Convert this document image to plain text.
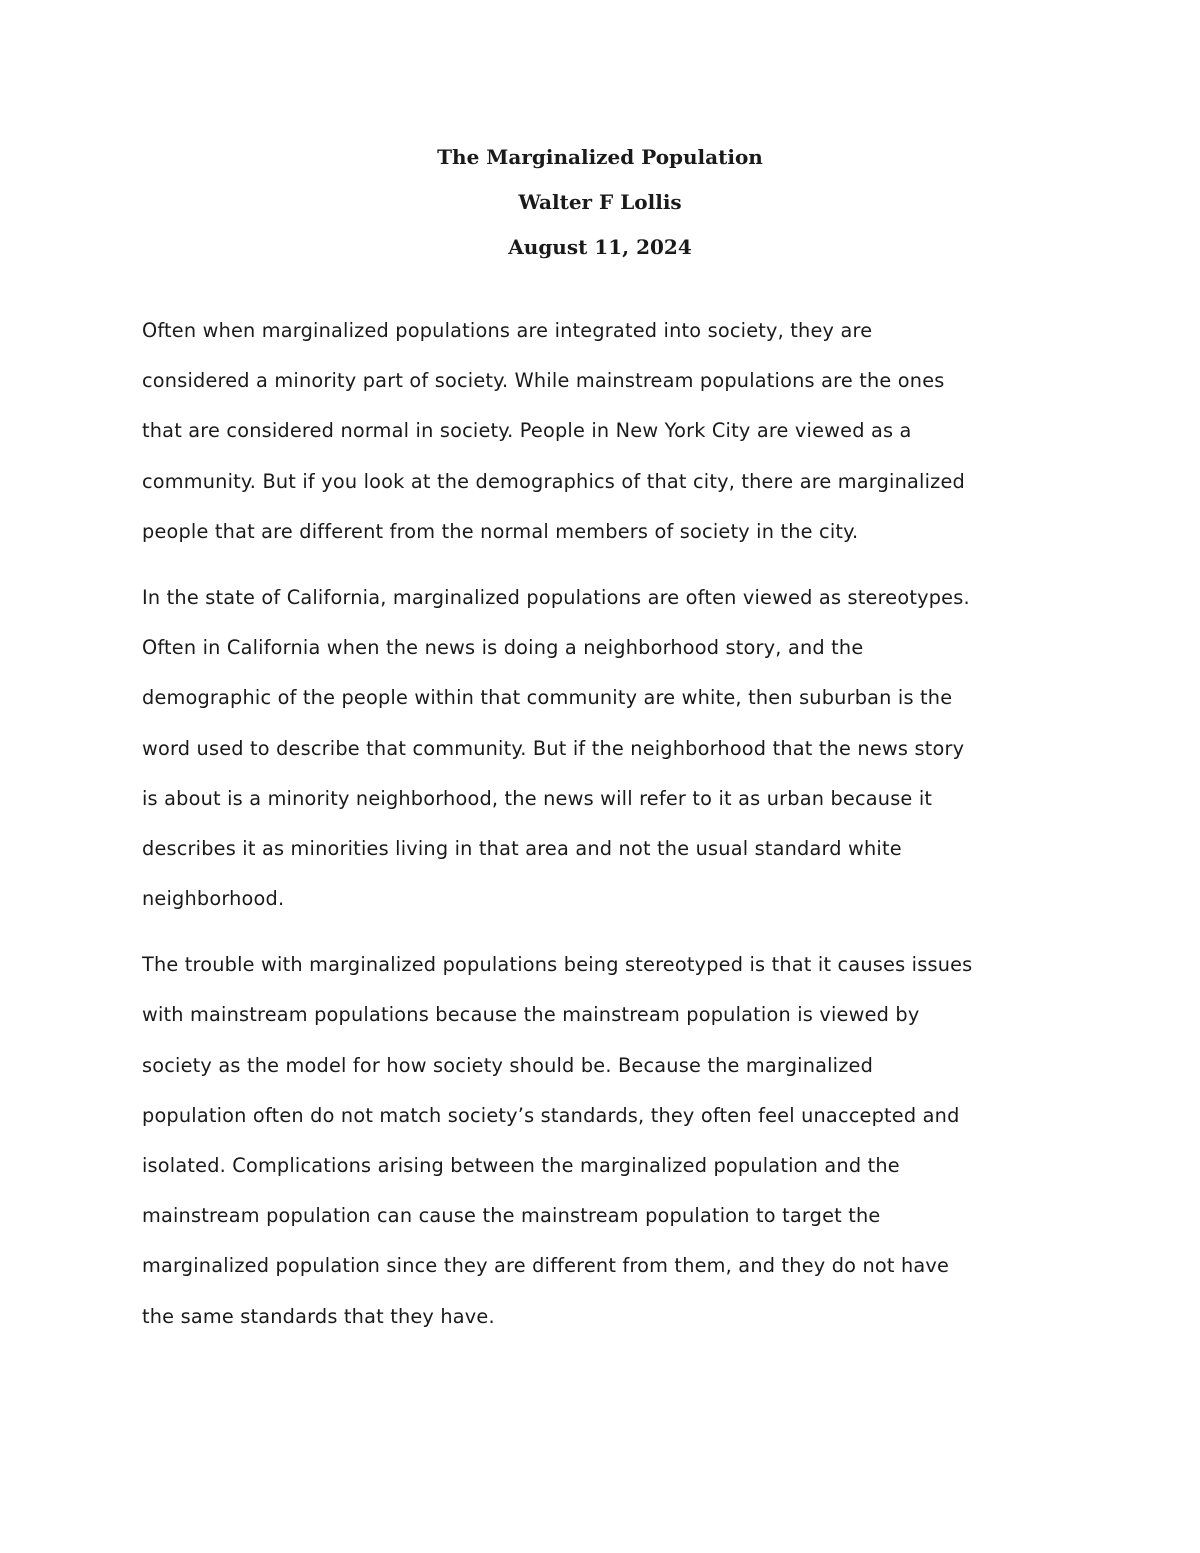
The Marginalized Population
Walter F Lollis
August 11, 2024
Often when marginalized populations are integrated into society, they are
considered a minority part of society. While mainstream populations are the ones
that are considered normal in society. People in New York City are viewed as a
community. But if you look at the demographics of that city, there are marginalized
people that are different from the normal members of society in the city.
In the state of California, marginalized populations are often viewed as stereotypes.
Often in California when the news is doing a neighborhood story, and the
demographic of the people within that community are white, then suburban is the
word used to describe that community. But if the neighborhood that the news story
is about is a minority neighborhood, the news will refer to it as urban because it
describes it as minorities living in that area and not the usual standard white
neighborhood.
The trouble with marginalized populations being stereotyped is that it causes issues
with mainstream populations because the mainstream population is viewed by
society as the model for how society should be. Because the marginalized
population often do not match society’s standards, they often feel unaccepted and
isolated. Complications arising between the marginalized population and the
mainstream population can cause the mainstream population to target the
marginalized population since they are different from them, and they do not have
the same standards that they have.
